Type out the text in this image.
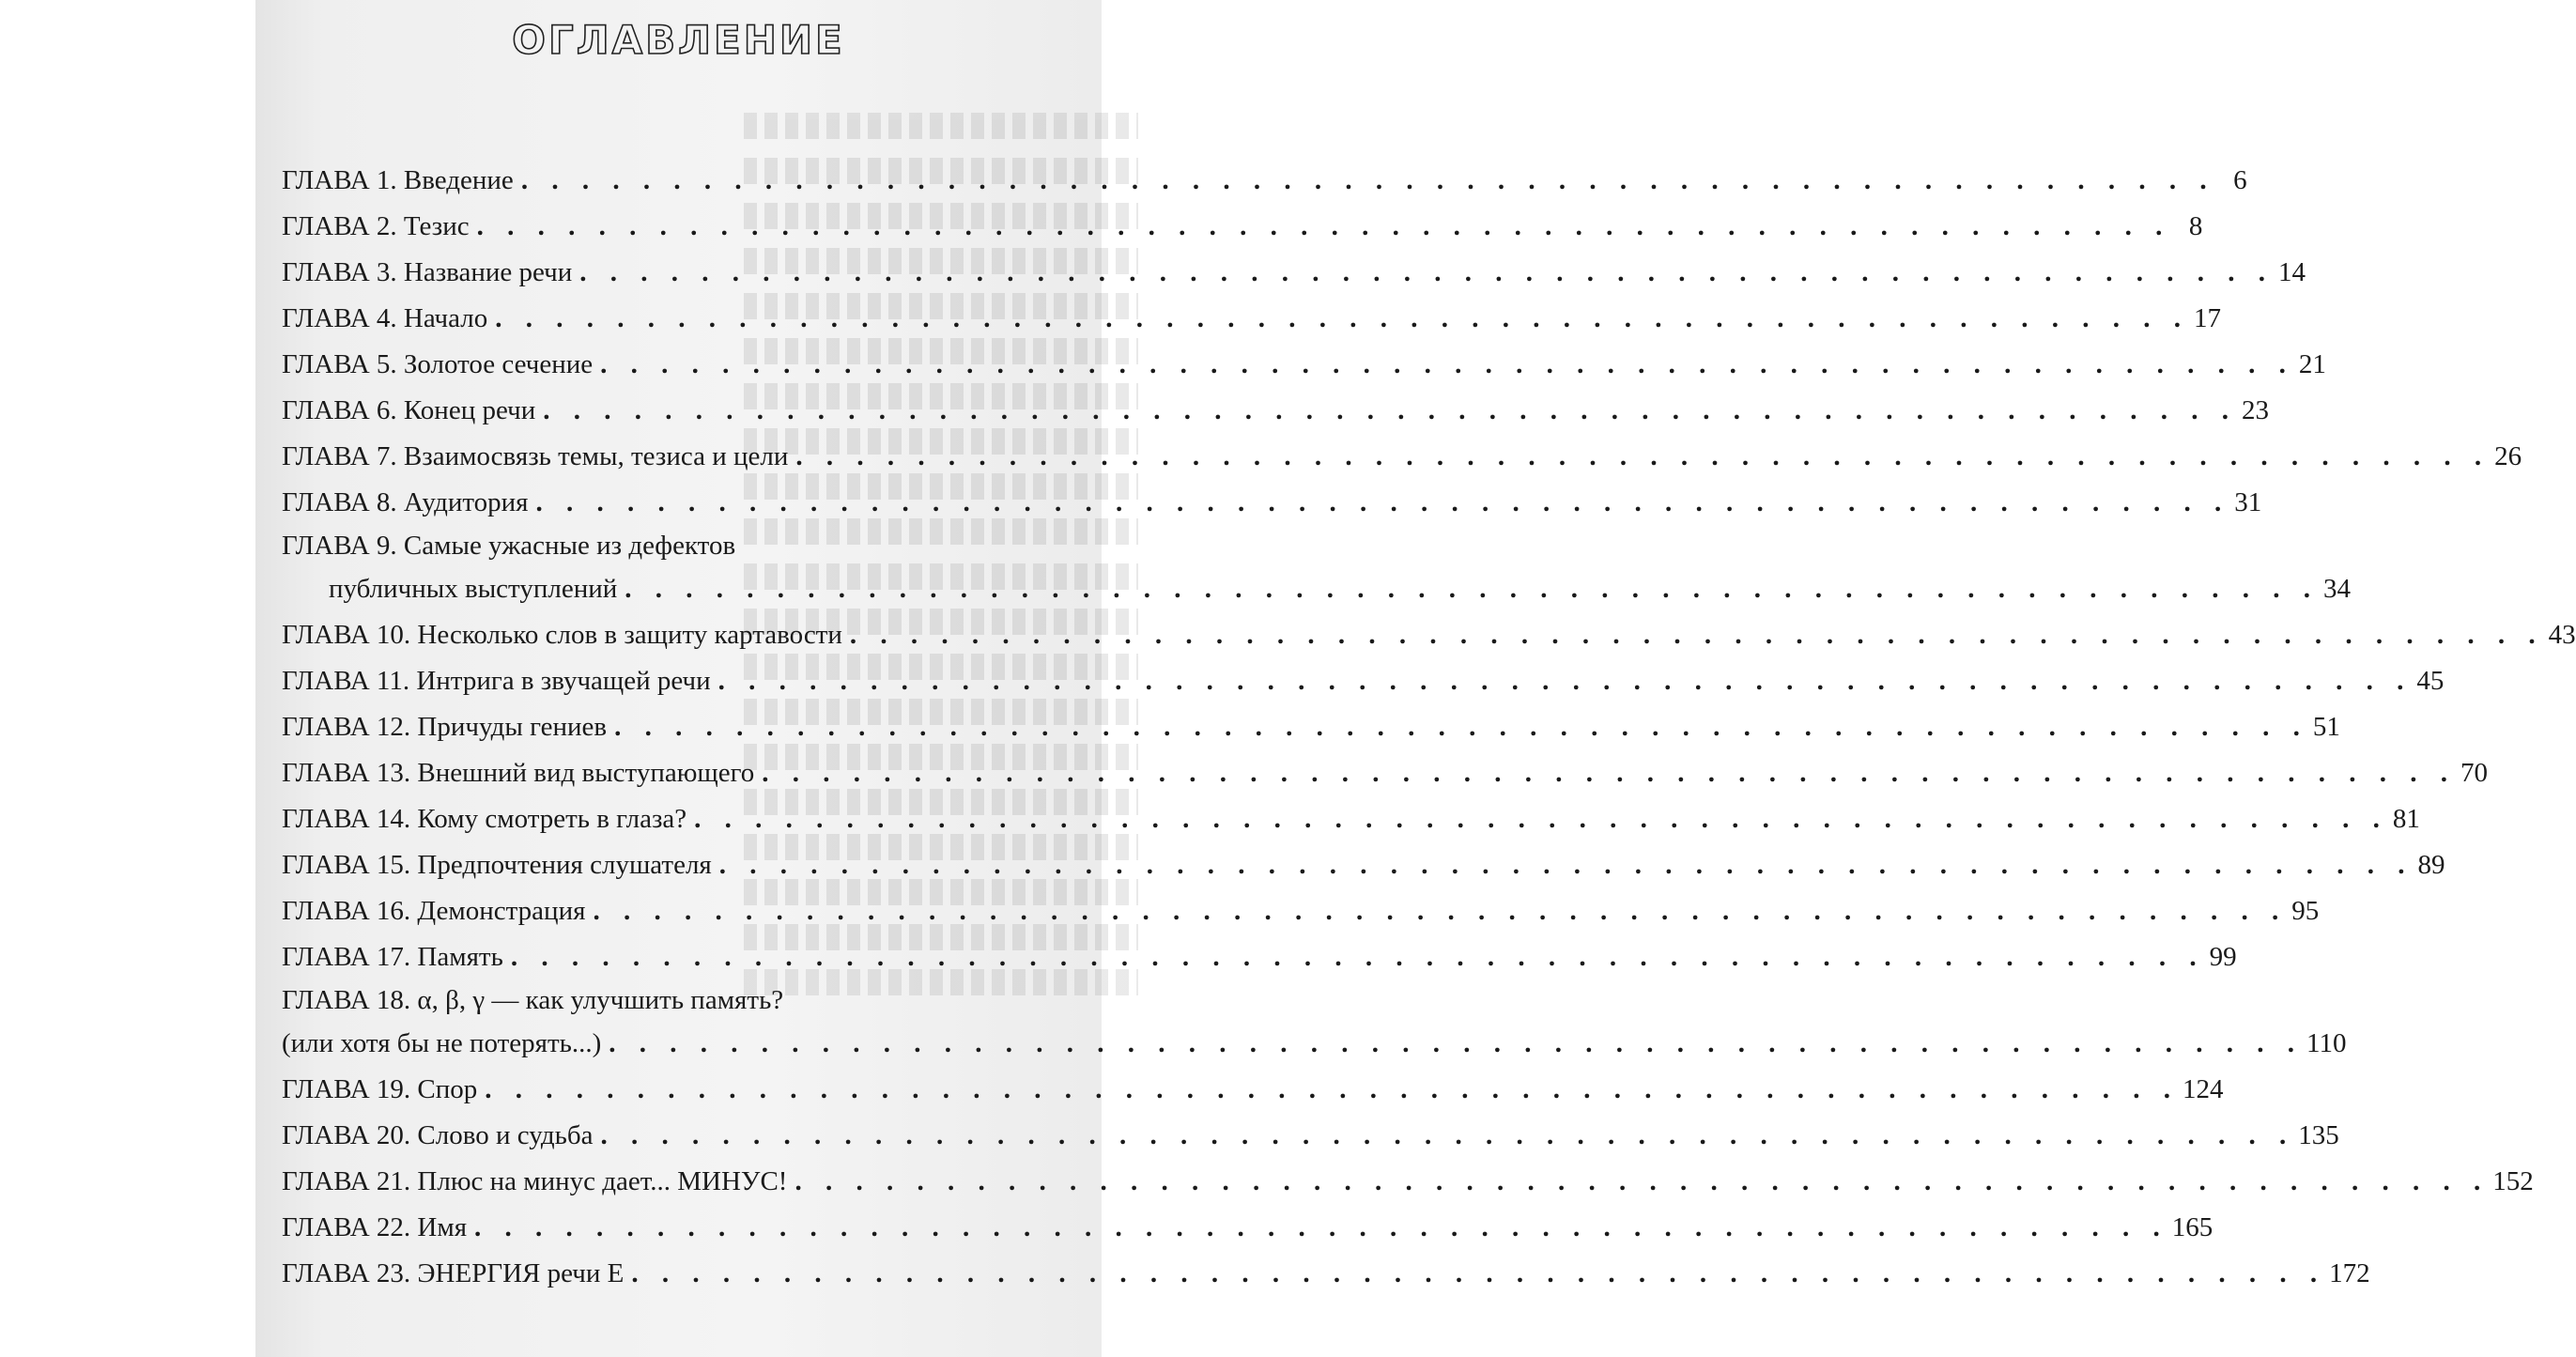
ОГЛАВЛЕНИЕ
ГЛАВА 1. Введение . . . . . . . . . . . . . . . . . . . . . . . . . . . . . . . . . . . . . . . . . . . . . . . . . . . . . . . . 6
ГЛАВА 2. Тезис . . . . . . . . . . . . . . . . . . . . . . . . . . . . . . . . . . . . . . . . . . . . . . . . . . . . . . . . 8
ГЛАВА 3. Название речи . . . . . . . . . . . . . . . . . . . . . . . . . . . . . . . . . . . . . . . . . . . . . . . . . . . . . . . . 14
ГЛАВА 4. Начало . . . . . . . . . . . . . . . . . . . . . . . . . . . . . . . . . . . . . . . . . . . . . . . . . . . . . . . . 17
ГЛАВА 5. Золотое сечение . . . . . . . . . . . . . . . . . . . . . . . . . . . . . . . . . . . . . . . . . . . . . . . . . . . . . . . . 21
ГЛАВА 6. Конец речи . . . . . . . . . . . . . . . . . . . . . . . . . . . . . . . . . . . . . . . . . . . . . . . . . . . . . . . . 23
ГЛАВА 7. Взаимосвязь темы, тезиса и цели . . . . . . . . . . . . . . . . . . . . . . . . . . . . . . . . . . . . . . . . . . . . . . . . . . . . . . . . 26
ГЛАВА 8. Аудитория . . . . . . . . . . . . . . . . . . . . . . . . . . . . . . . . . . . . . . . . . . . . . . . . . . . . . . . . 31
ГЛАВА 9. Самые ужасные из дефектов
публичных выступлений . . . . . . . . . . . . . . . . . . . . . . . . . . . . . . . . . . . . . . . . . . . . . . . . . . . . . . . . 34
ГЛАВА 10. Несколько слов в защиту картавости . . . . . . . . . . . . . . . . . . . . . . . . . . . . . . . . . . . . . . . . . . . . . . . . . . . . . . . . 43
ГЛАВА 11. Интрига в звучащей речи . . . . . . . . . . . . . . . . . . . . . . . . . . . . . . . . . . . . . . . . . . . . . . . . . . . . . . . . 45
ГЛАВА 12. Причуды гениев . . . . . . . . . . . . . . . . . . . . . . . . . . . . . . . . . . . . . . . . . . . . . . . . . . . . . . . . 51
ГЛАВА 13. Внешний вид выступающего . . . . . . . . . . . . . . . . . . . . . . . . . . . . . . . . . . . . . . . . . . . . . . . . . . . . . . . . 70
ГЛАВА 14. Кому смотреть в глаза? . . . . . . . . . . . . . . . . . . . . . . . . . . . . . . . . . . . . . . . . . . . . . . . . . . . . . . . . 81
ГЛАВА 15. Предпочтения слушателя . . . . . . . . . . . . . . . . . . . . . . . . . . . . . . . . . . . . . . . . . . . . . . . . . . . . . . . . 89
ГЛАВА 16. Демонстрация . . . . . . . . . . . . . . . . . . . . . . . . . . . . . . . . . . . . . . . . . . . . . . . . . . . . . . . . 95
ГЛАВА 17. Память . . . . . . . . . . . . . . . . . . . . . . . . . . . . . . . . . . . . . . . . . . . . . . . . . . . . . . . . 99
ГЛАВА 18. α, β, γ — как улучшить память?
(или хотя бы не потерять...) . . . . . . . . . . . . . . . . . . . . . . . . . . . . . . . . . . . . . . . . . . . . . . . . . . . . . . . . 110
ГЛАВА 19. Спор . . . . . . . . . . . . . . . . . . . . . . . . . . . . . . . . . . . . . . . . . . . . . . . . . . . . . . . . 124
ГЛАВА 20. Слово и судьба . . . . . . . . . . . . . . . . . . . . . . . . . . . . . . . . . . . . . . . . . . . . . . . . . . . . . . . . 135
ГЛАВА 21. Плюс на минус дает... МИНУС! . . . . . . . . . . . . . . . . . . . . . . . . . . . . . . . . . . . . . . . . . . . . . . . . . . . . . . . . 152
ГЛАВА 22. Имя . . . . . . . . . . . . . . . . . . . . . . . . . . . . . . . . . . . . . . . . . . . . . . . . . . . . . . . . 165
ГЛАВА 23. ЭНЕРГИЯ речи Е . . . . . . . . . . . . . . . . . . . . . . . . . . . . . . . . . . . . . . . . . . . . . . . . . . . . . . . . 172
